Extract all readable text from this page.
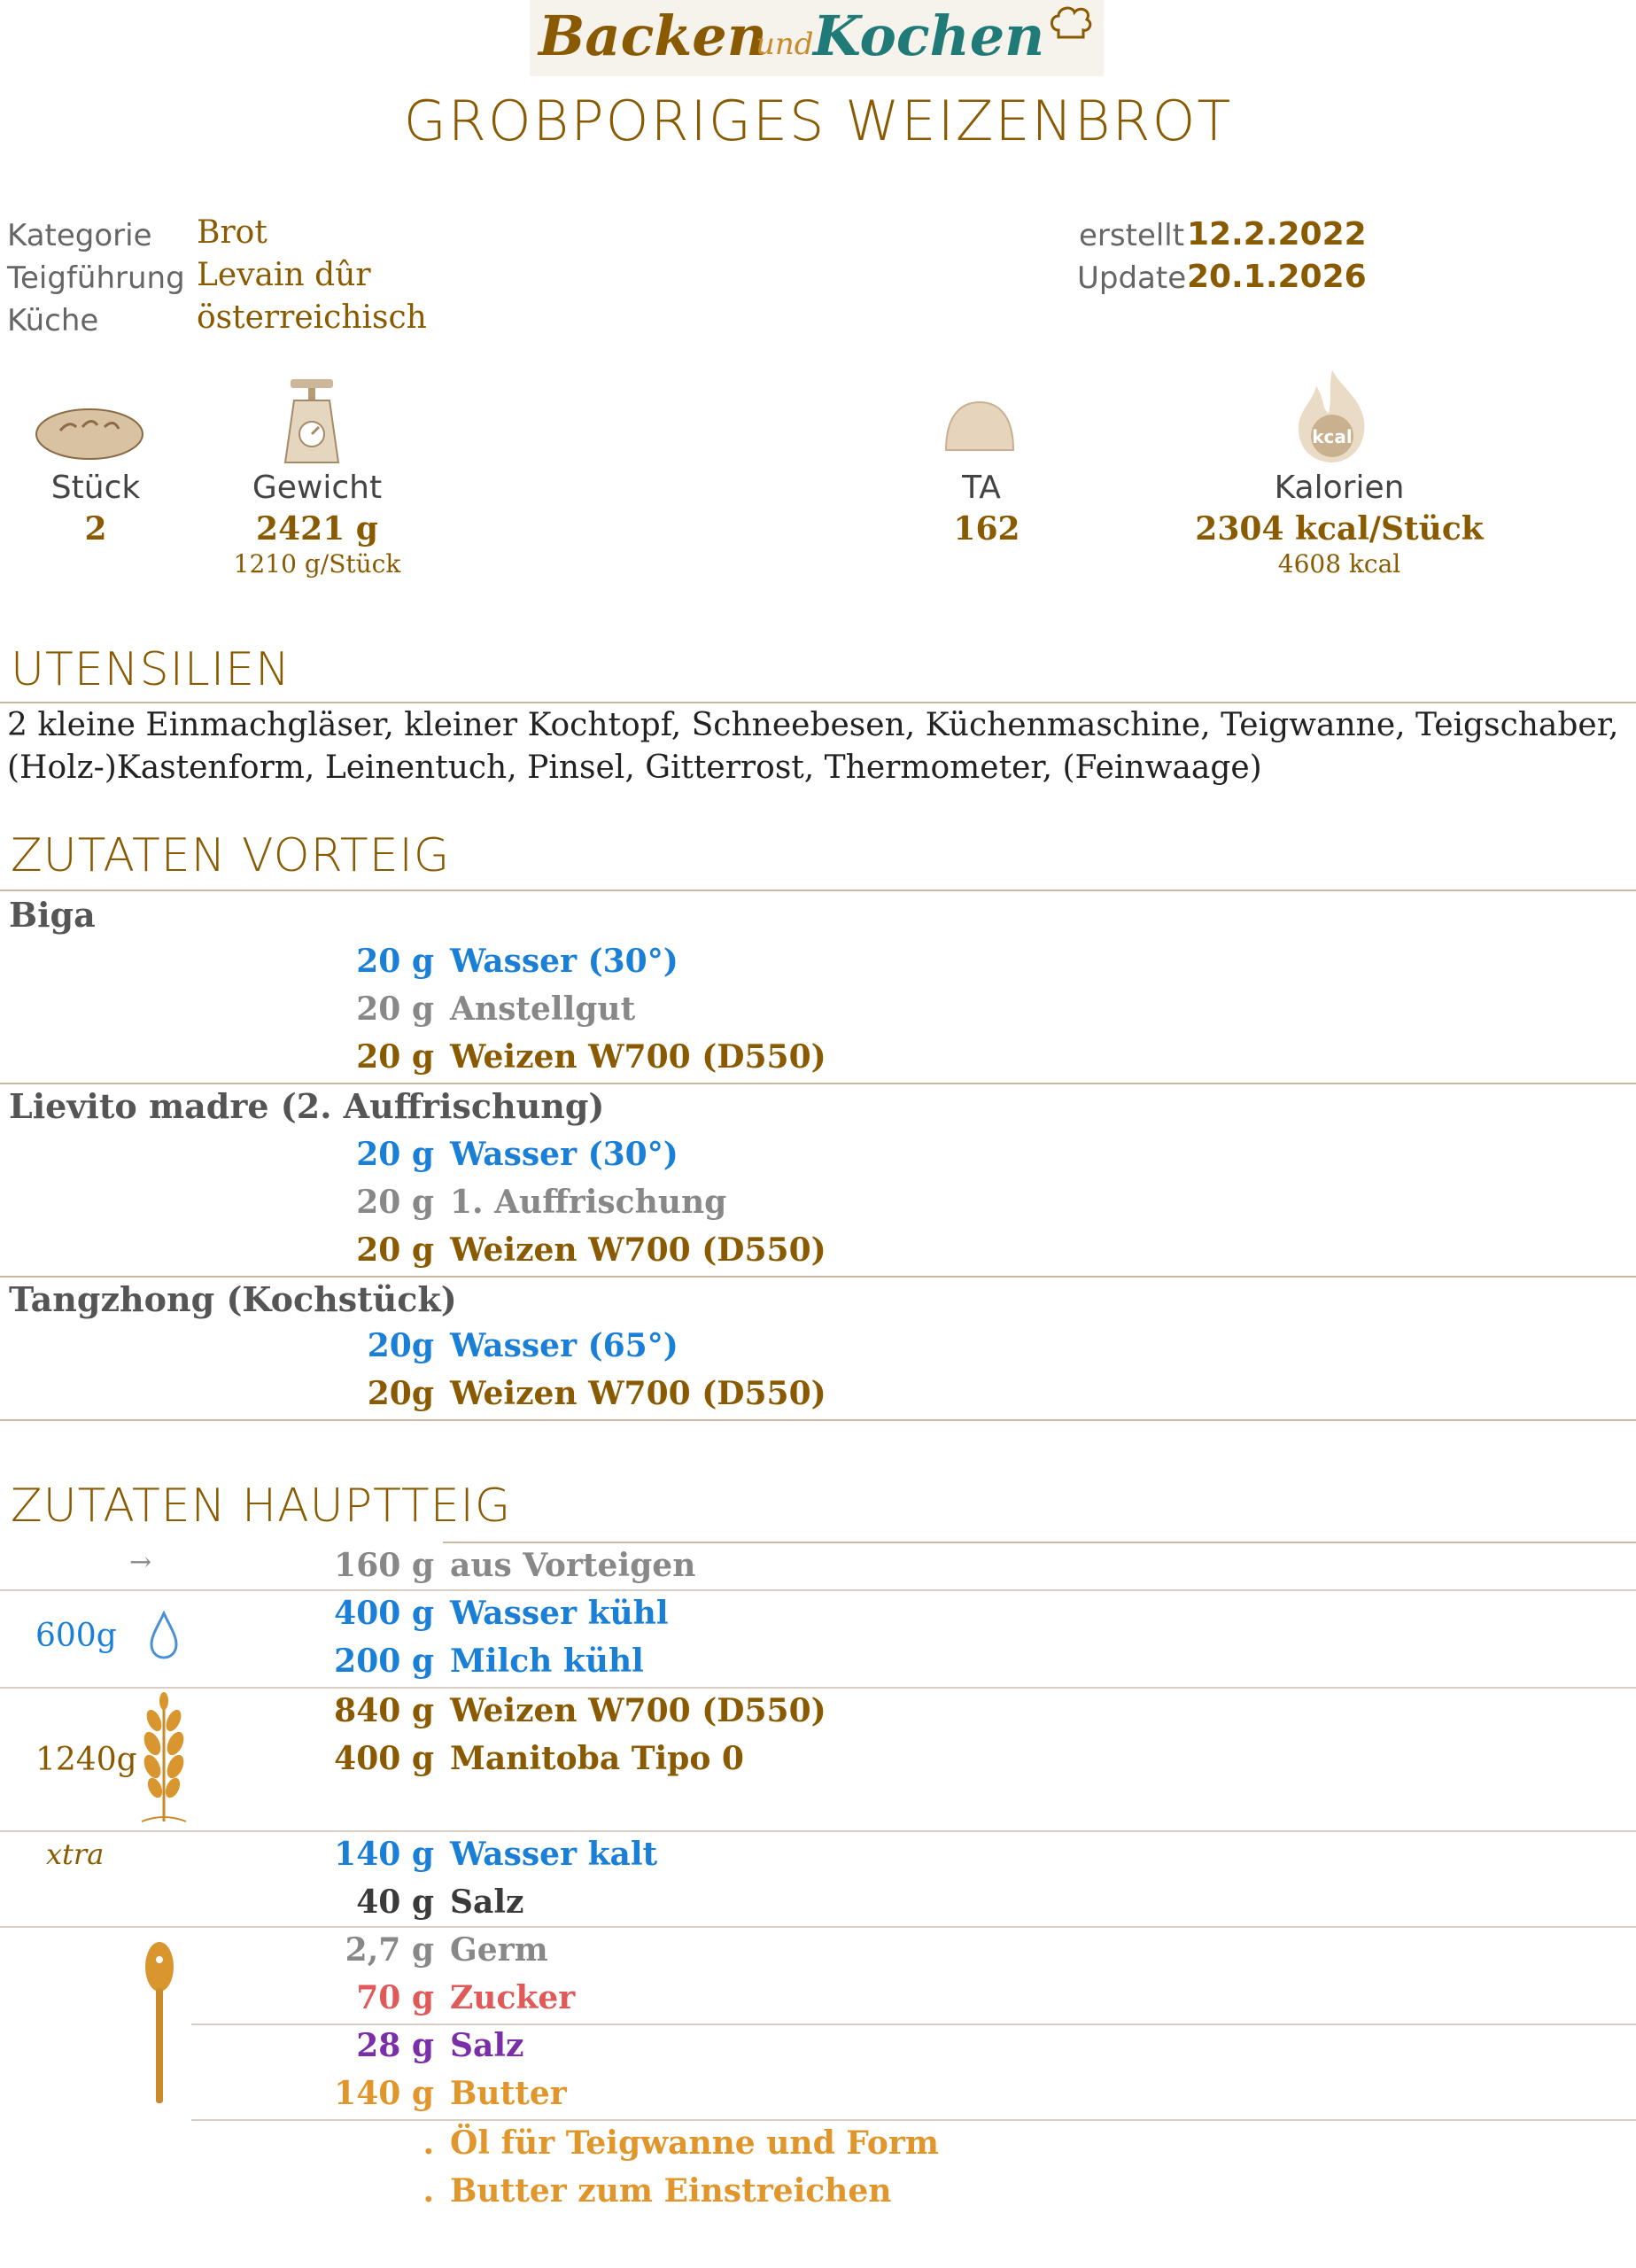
Backen
und Kochen
GROBPORIGES WEIZENBROT
Kategorie Brot
Teigführung Levain dûr
Küche	österreichisch
erstellt 12.2.2022
Update 20.1.2026
kcal
Stück
2
Gewicht
2421 g
1210 g/Stück
TA
162
Kalorien
2304 kcal/Stück
4608 kcal
UTENSILIEN
2 kleine Einmachgläser, kleiner Kochtopf, Schneebesen, Küchenmaschine, Teigwanne, Teigschaber,
(Holz-)Kastenform, Leinentuch, Pinsel, Gitterrost, Thermometer, (Feinwaage)
ZUTATEN VORTEIG
Biga
20 g Wasser (30°)
20 g Anstellgut
20 g Weizen W700 (D550)
Lievito madre (2. Auffrischung)
20 g Wasser (30°)
20 g 1. Auffrischung
20 g Weizen W700 (D550)
Tangzhong (Kochstück)
20g Wasser (65°)
20g Weizen W700 (D550)
ZUTATEN HAUPTTEIG
→	160 g aus Vorteigen
600g
400 g Wasser kühl
200 g Milch kühl
1240g
840 g Weizen W700 (D550)
400 g Manitoba Tipo 0
xtra	140 g Wasser kalt
40 g Salz
2,7 g Germ
70 g Zucker
28 g Salz
140 g Butter
. Öl für Teigwanne und Form
. Butter zum Einstreichen
